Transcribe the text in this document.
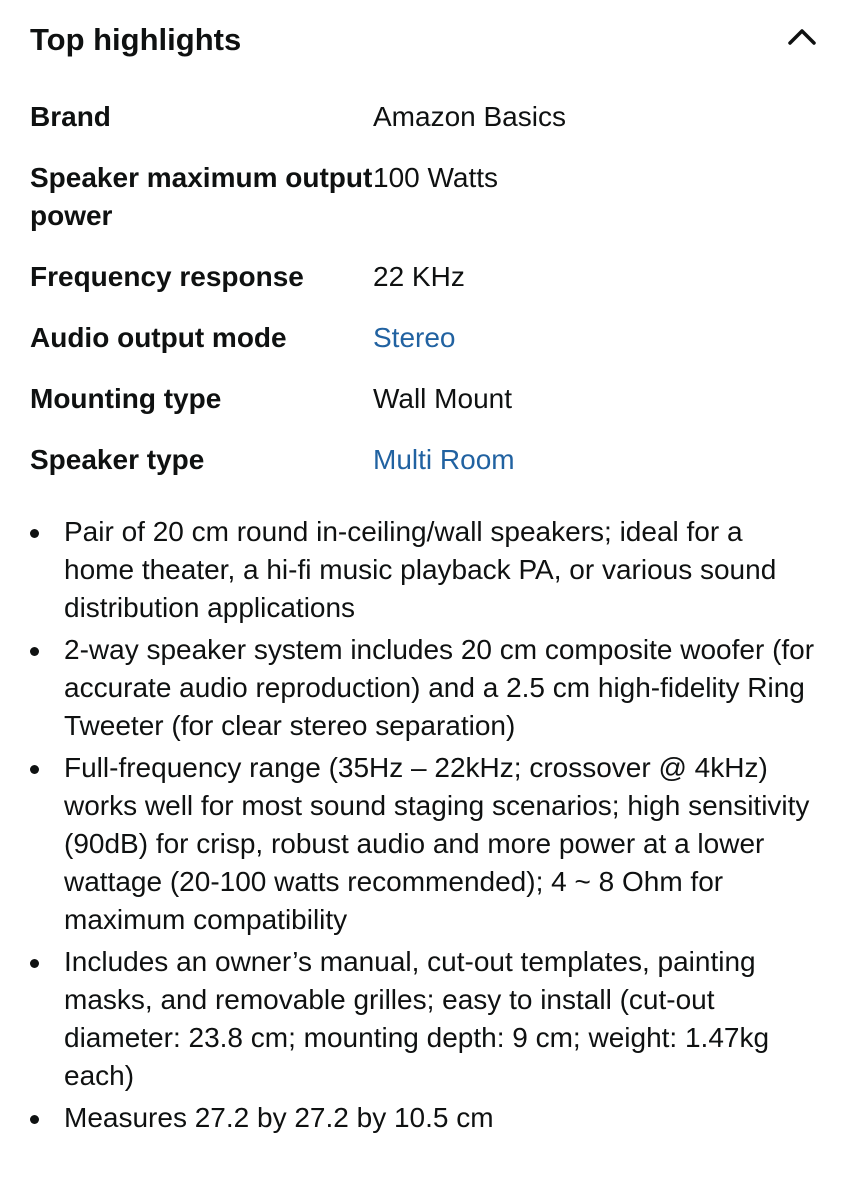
Top highlights
Brand	Amazon Basics
Speaker maximum output power	100 Watts
Frequency response	22 KHz
Audio output mode	Stereo
Mounting type	Wall Mount
Speaker type	Multi Room
Pair of 20 cm round in-ceiling/wall speakers; ideal for a home theater, a hi-fi music playback PA, or various sound distribution applications
2-way speaker system includes 20 cm composite woofer (for accurate audio reproduction) and a 2.5 cm high-fidelity Ring Tweeter (for clear stereo separation)
Full-frequency range (35Hz – 22kHz; crossover @ 4kHz) works well for most sound staging scenarios; high sensitivity (90dB) for crisp, robust audio and more power at a lower wattage (20-100 watts recommended); 4 ~ 8 Ohm for maximum compatibility
Includes an owner’s manual, cut-out templates, painting masks, and removable grilles; easy to install (cut-out diameter: 23.8 cm; mounting depth: 9 cm; weight: 1.47kg each)
Measures 27.2 by 27.2 by 10.5 cm
